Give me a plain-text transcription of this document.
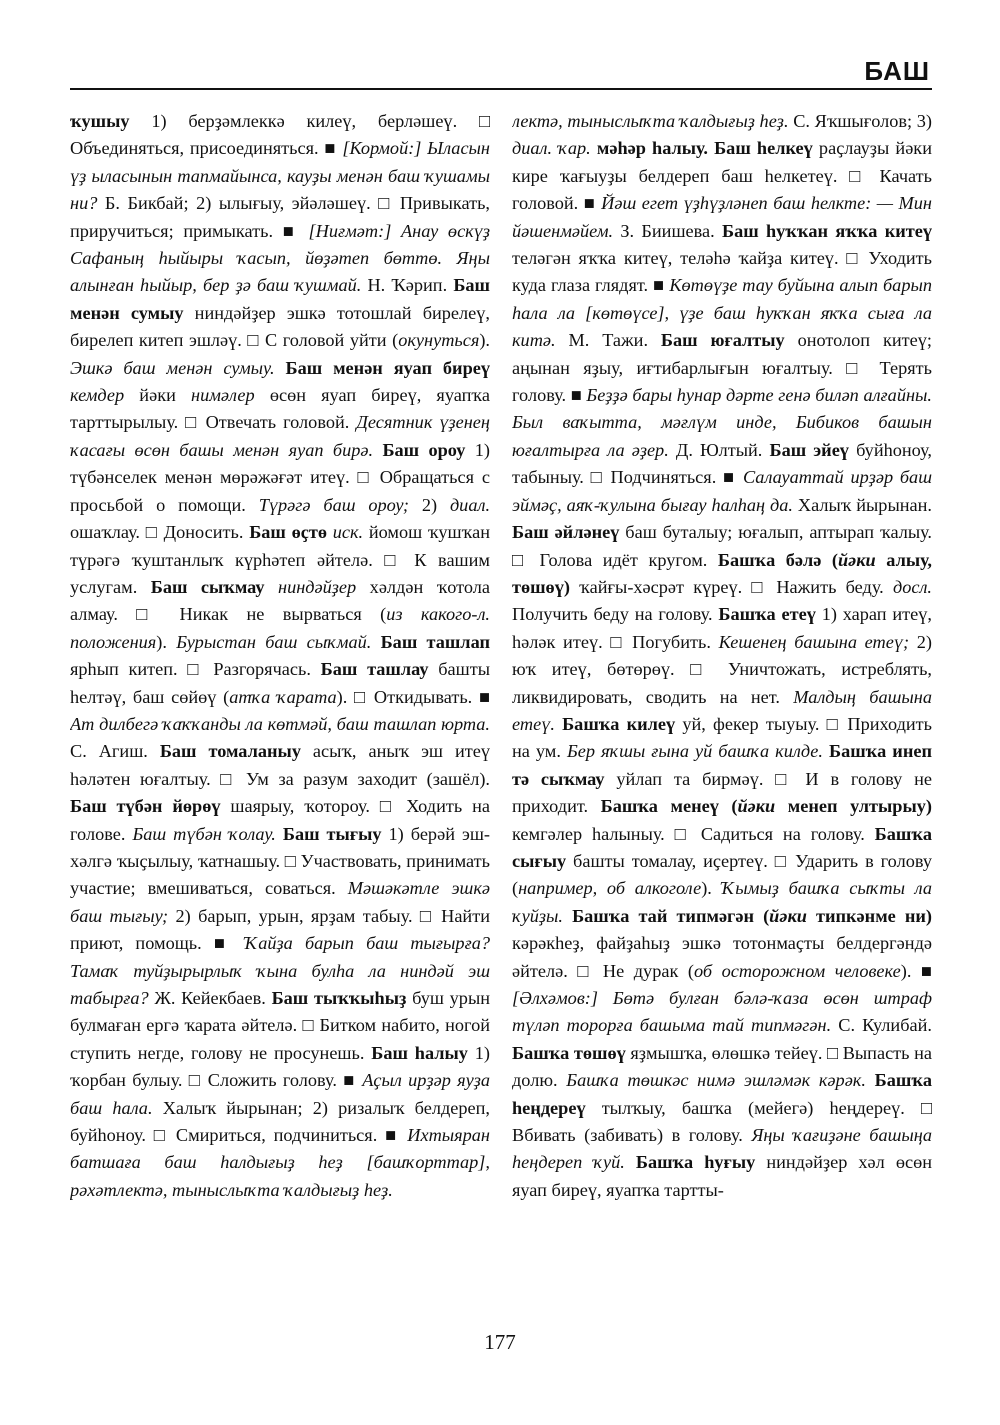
БАШ

ҡушыу 1) берҙәмлеккә килеү, берләшеү. □ Объединяться, присоединяться. ■ [Кормой:] Ыласын үҙ ыласынын тапмайынса, кауҙы менән баш ҡушамы ни? Б. Бикбай; 2) ылығыу, эйәләшеү. □ Привыкать, приручиться; примыкать. ■ [Ниғмәт:] Анау өскүҙ Сафаның һыйыры ҡасып, йөҙәтеп бөттө. Яңы алынған һыйыр, бер ҙә баш ҡушмай. Н. Ҡәрип. Баш менән сумыу ниндәйҙер эшкә тотошлай бирелеү, бирелеп китеп эшләү. □ С головой уйти (окунуться). Эшкә баш менән сумыу. Баш менән яуап биреү кемдер йәки нимәлер өсөн яуап биреү, яуапҡа тарттырылыу. □ Отвечать головой. Десятник үҙенең ҡасағы өсөн башы менән яуап бирә. Баш ороу 1) түбәнселек менән мөрәжәғәт итеү. □ Обращаться с просьбой о помощи. Түрәгә баш ороу; 2) диал. ошаҡлау. □ Доносить. Баш өҫтө иск. йомош ҡушҡан түрәгә ҡуштанлыҡ күрһәтеп әйтелә. □ К вашим услугам. Баш сыҡмау ниндәйҙер хәлдән ҡотола алмау. □ Никак не вырваться (из какого-л. положения). Бурыстан баш сыҡмай. Баш ташлап ярһып китеп. □ Разгорячась. Баш ташлау башты һелтәү, баш сөйөү (атҡа ҡарата). □ Откидывать. ■ Ат дилбегә ҡаҡҡанды ла көтмәй, баш ташлап юрта. С. Агиш. Баш томаланыу асыҡ, аныҡ эш итеү һәләтен юғалтыу. □ Ум за разум заходит (зашёл). Баш түбән йөрөү шаярыу, ҡотороу. □ Ходить на голове. Баш түбән ҡолау. Баш тығыу 1) берәй эш-хәлгә ҡыҫылыу, ҡатнашыу. □ Участвовать, принимать участие; вмешиваться, соваться. Мәшәкәтле эшкә баш тығыу; 2) барып, урын, ярҙам табыу. □ Найти приют, помощь. ■ Ҡайҙа барып баш тығырға? Тамаҡ туйҙырырлыҡ ҡына булһа ла ниндәй эш табырға? Ж. Кейекбаев. Баш тыҡҡыһыҙ буш урын булмаған ергә ҡарата әйтелә. □ Битком набито, ногой ступить негде, голову не просунешь. Баш һалыу 1) ҡорбан булыу. □ Сложить голову. ■ Аҫыл ирҙәр яуҙа баш һала. Халыҡ йырынан; 2) ризалыҡ белдереп, буйһоноу. □ Смириться, подчиниться. ■ Ихтыяран батшаға баш һалдығыҙ һеҙ [башҡорттар], рәхәтлектә, тыныслыҡта ҡалдығыҙ һеҙ.

лектә, тыныслыҡта ҡалдығыҙ һеҙ. С. Яҡшығолов; 3) диал. ҡар. мәһәр һалыу. Баш һелкеү раҫлауҙы йәки кире ҡағыуҙы белдереп баш һелкетеү. □ Качать головой. ■ Йәш егет үҙһүҙләнеп баш һелкте: — Мин йәшенмәйем. З. Биишева. Баш һуҡҡан яҡҡа китеү теләгән яҡҡа китеү, теләһә ҡайҙа китеү. □ Уходить куда глаза глядят. ■ Көтөүҙе тау буйына алып барып һала ла [көтөүсе], үҙе баш һуҡҡан яҡҡа сыға ла китә. М. Тажи. Баш юғалтыу онотолоп китеү; аңынан яҙыу, иғтибарлығын юғалтыу. □ Терять голову. ■ Беҙҙә бары һунар дәрте генә биләп алғайны. Был ваҡытта, мәғлүм инде, Бибиков башын юғалтырға ла әҙер. Д. Юлтый. Баш эйеү буйһоноу, табыныу. □ Подчиняться. ■ Салауаттай ирҙәр баш эймәҫ, аяҡ-ҡулына бығау һалһаң да. Халыҡ йырынан. Баш әйләнеү баш буталыу; юғалып, аптырап ҡалыу. □ Голова идёт кругом. Башҡа бәлә (йәки алыу, төшөү) ҡайғы-хәсрәт күреү. □ Нажить беду. досл. Получить беду на голову. Башҡа етеү 1) харап итеү, һәләк итеү. □ Погубить. Кешенең башына етеү; 2) юҡ итеү, бөтөрөү. □ Уничтожать, истреблять, ликвидировать, сводить на нет. Малдың башына етеү. Башҡа килеү уй, фекер тыуыу. □ Приходить на ум. Бер яҡшы ғына уй башҡа килде. Башҡа инеп тә сыҡмау уйлап та бирмәү. □ И в голову не приходит. Башҡа менеү (йәки менеп ултырыу) кемгәлер һалыныу. □ Садиться на голову. Башҡа сығыу башты томалау, иҫертеү. □ Ударить в голову (например, об алкоголе). Ҡымыҙ башҡа сыҡты ла ҡуйҙы. Башҡа тай типмәгән (йәки типкәнме ни) кәрәкһеҙ, файҙаһыҙ эшкә тотонмаҫты белдергәндә әйтелә. □ Не дурак (об осторожном человеке). ■ [Әлхәмов:] Бөтә булған бәлә-ҡаза өсөн штраф түләп торорға башыма тай типмәгән. С. Кулибай. Башҡа төшөү яҙмышҡа, өлөшкә тейеү. □ Выпасть на долю. Башҡа төшкәс нимә эшләмәк кәрәк. Башҡа һеңдереү тылҡыу, башҡа (мейегә) һеңдереү. □ Вбивать (забивать) в голову. Яңы ҡағиҙәне башыңа һеңдереп ҡуй. Башҡа һуғыу ниндәйҙер хәл өсөн яуап биреү, яуапҡа тартты-

177
